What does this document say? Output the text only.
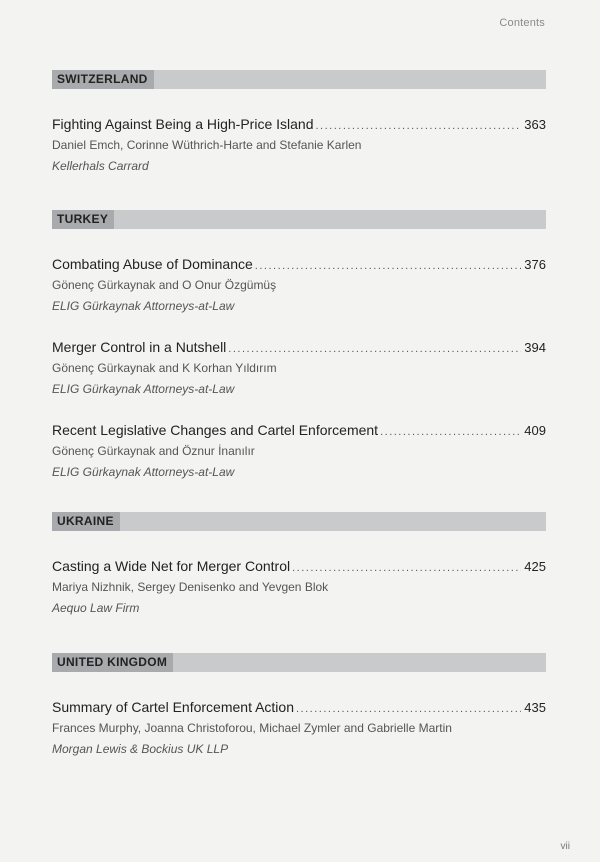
Contents
SWITZERLAND
Fighting Against Being a High-Price Island .....	363
Daniel Emch, Corinne Wüthrich-Harte and Stefanie Karlen
Kellerhals Carrard
TURKEY
Combating Abuse of Dominance .....	376
Gönenç Gürkaynak and O Onur Özgümüş
ELIG Gürkaynak Attorneys-at-Law
Merger Control in a Nutshell .....	394
Gönenç Gürkaynak and K Korhan Yıldırım
ELIG Gürkaynak Attorneys-at-Law
Recent Legislative Changes and Cartel Enforcement .....	409
Gönenç Gürkaynak and Öznur İnanılır
ELIG Gürkaynak Attorneys-at-Law
UKRAINE
Casting a Wide Net for Merger Control .....	425
Mariya Nizhnik, Sergey Denisenko and Yevgen Blok
Aequo Law Firm
UNITED KINGDOM
Summary of Cartel Enforcement Action .....	435
Frances Murphy, Joanna Christoforou, Michael Zymler and Gabrielle Martin
Morgan Lewis & Bockius UK LLP
vii
